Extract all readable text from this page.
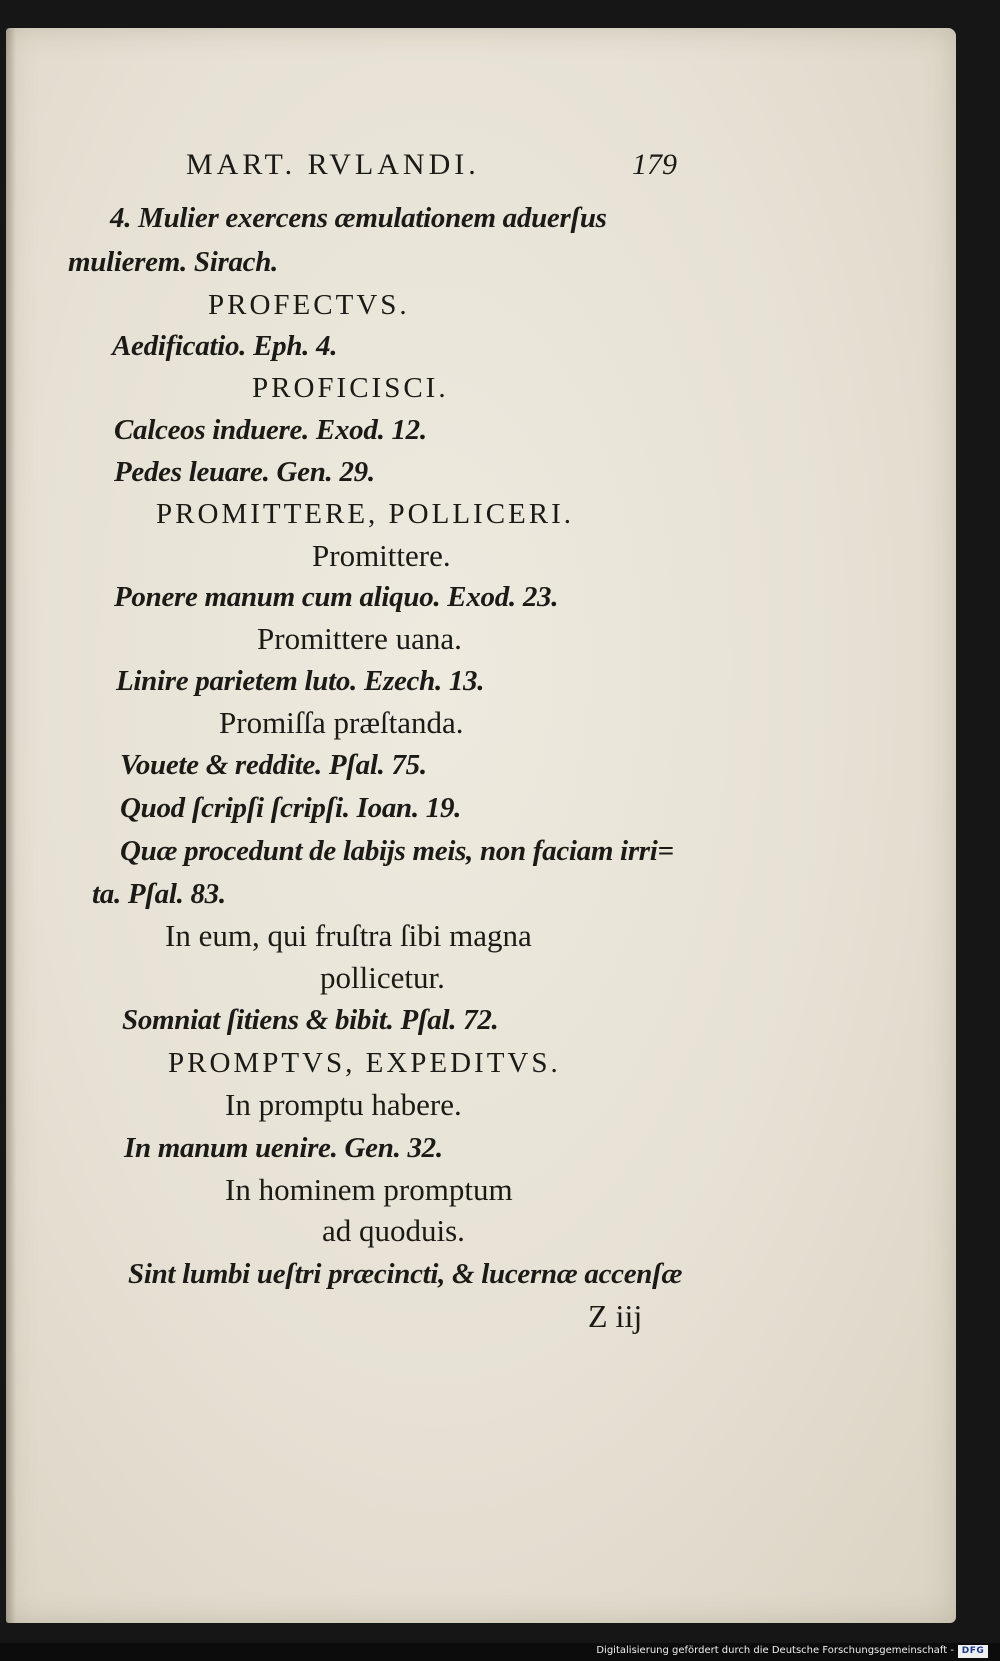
MART. RVLANDI.	179
4. Mulier exercens æmulationem aduerſus
mulierem. Sirach.
PROFECTVS.
Aedificatio. Eph. 4.
PROFICISCI.
Calceos induere. Exod. 12.
Pedes leuare. Gen. 29.
PROMITTERE, POLLICERI.
Promittere.
Ponere manum cum aliquo. Exod. 23.
Promittere uana.
Linire parietem luto. Ezech. 13.
Promiſſa præſtanda.
Vouete & reddite. Pſal. 75.
Quod ſcripſi ſcripſi. Ioan. 19.
Quæ procedunt de labijs meis, non faciam irri=
ta. Pſal. 83.
In eum, qui fruſtra ſibi magna
pollicetur.
Somniat ſitiens & bibit. Pſal. 72.
PROMPTVS, EXPEDITVS.
In promptu habere.
In manum uenire. Gen. 32.
In hominem promptum
ad quoduis.
Sint lumbi ueſtri præcincti, & lucernæ accenſæ
Z iij
Digitalisierung gefördert durch die Deutsche Forschungsgemeinschaft - DFG
